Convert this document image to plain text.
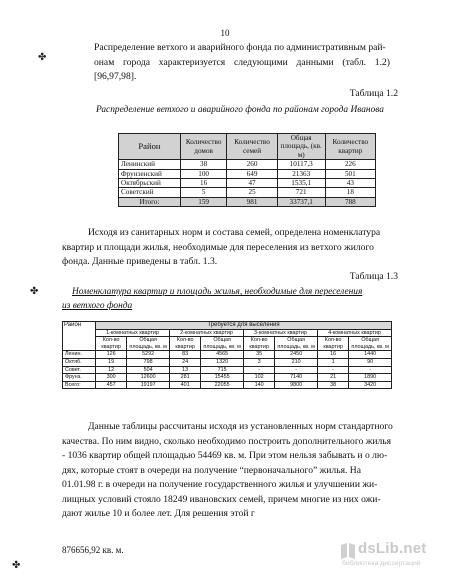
10
✤
✤
✤
Распределение ветхого и аварийного фонда по административным рай-
онам города характеризуется следующими данными (табл. 1.2) [96,97,98].
Таблица 1.2
Распределение ветхого и аварийного фонда по районам города Иванова
Район	Количество домов	Количество семей	Общая площадь, (кв. м)	Количество квартир
Ленинский	38	260	10117,3	226
Фрунзенский	100	649	21363	501
Октябрьский	16	47	1535,1	43
Советский	5	25	721	18
Итого:	159	981	33737,1	788
Исходя из санитарных норм и состава семей, определена номенклатура
квартир и площади жилья, необходимые для переселения из ветхого жилого
фонда. Данные приведены в табл. 1.3.
Таблица 1.3
Номенклатура квартир и площадь жилья, необходимые для переселения
из ветхого фонда
Район	Требуется для выселения							
	1-комнатных квартир		2-комнатных квартир		3-комнатных квартир		4-комнатных квартир	
	Кол-во квартир	Общая площадь, кв. м	Кол-во квартир	Общая площадь, кв. м	Кол-во квартир	Общая площадь, кв. м	Кол-во квартир	Общая площадь, кв. м
Ленин.	126	5292	83	4565	35	2450	16	1440
Октяб.	19	798	24	1320	3	210	1	90
Совет.	12	504	13	715	-	-	-	-
Фрунз.	300	12600	281	15455	102	7140	21	1890
Всего:	457	19197	401	22055	140	9800	38	3420
Данные таблицы рассчитаны исходя из установленных норм стандартного
качества. По ним видно, сколько необходимо построить дополнительного жилья
- 1036 квартир общей площадью 54469 кв. м. При этом нельзя забывать и о лю-
дях, которые стоят в очереди на получение “первоначального” жилья. На
01.01.98 г. в очереди на получение государственного жилья и улучшении жи-
лищных условий стояло 18249 ивановских семей, причем многие из них ожи-
дают жилье 10 и более лет. Для решения этой г
876656,92 кв. м.	dsLib.net
библиотека диссертаций
